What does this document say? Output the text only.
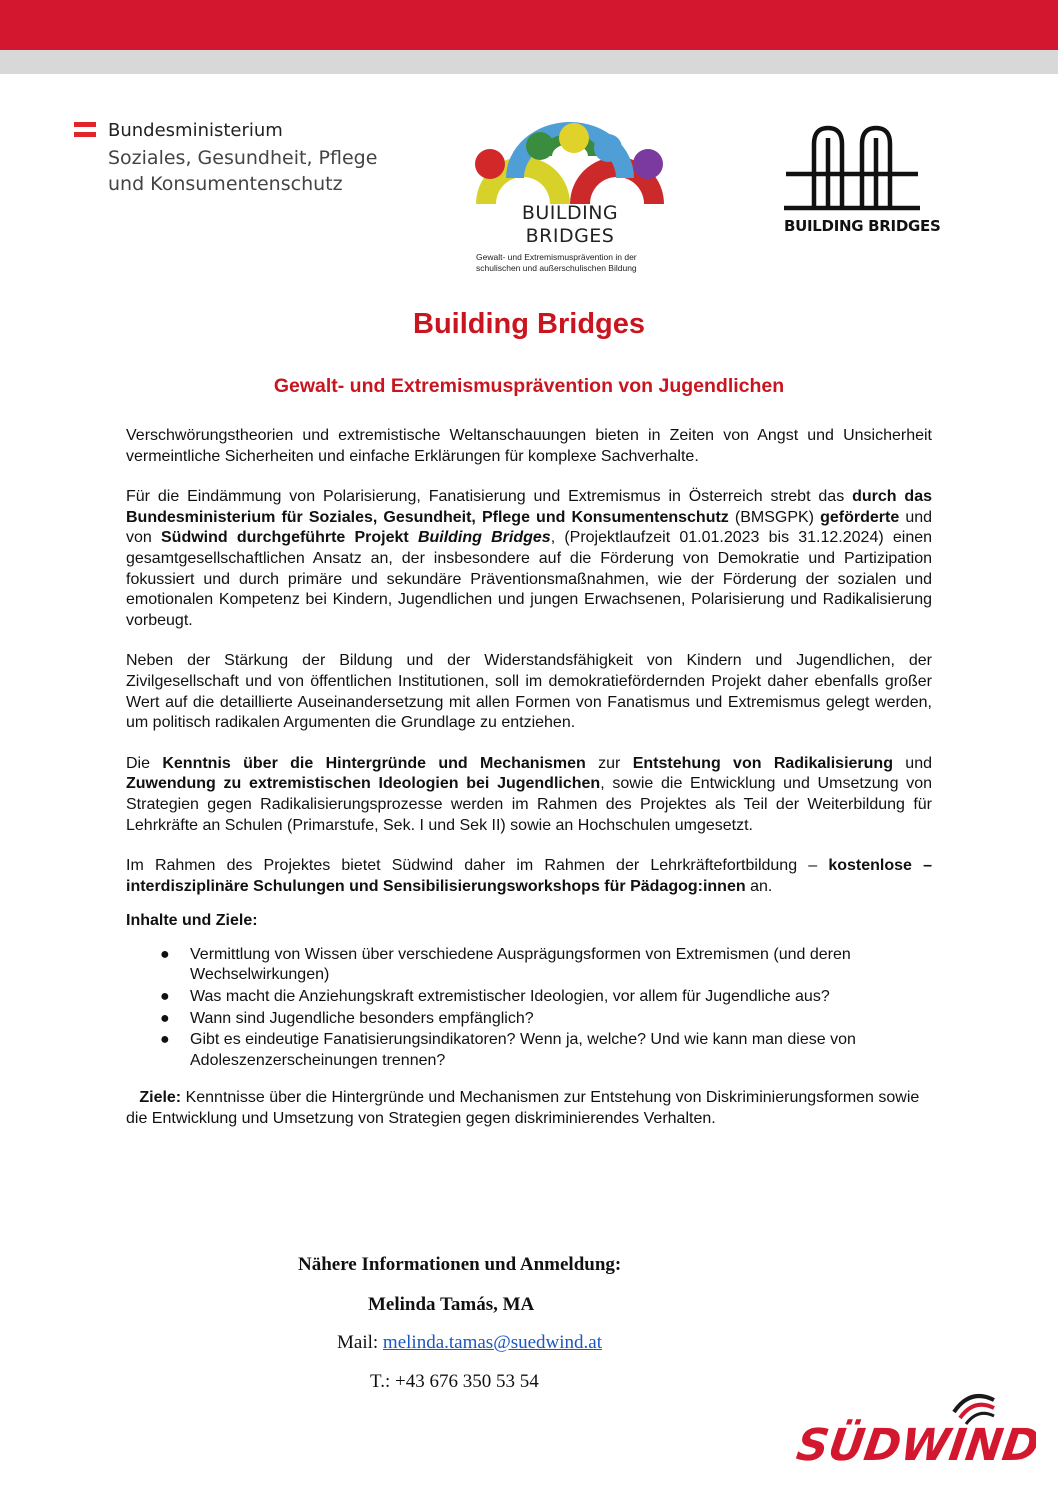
Bundesministerium
Soziales, Gesundheit, Pflege
und Konsumentenschutz
BUILDING
BRIDGES
Gewalt- und Extremismusprävention in der
schulischen und außerschulischen Bildung
BUILDING BRIDGES
Building Bridges
Gewalt- und Extremismusprävention von Jugendlichen

Verschwörungstheorien und extremistische Weltanschauungen bieten in Zeiten von Angst und Unsicherheit vermeintliche Sicherheiten und einfache Erklärungen für komplexe Sachverhalte.

Für die Eindämmung von Polarisierung, Fanatisierung und Extremismus in Österreich strebt das durch das Bundesministerium für Soziales, Gesundheit, Pflege und Konsumentenschutz (BMSGPK) geförderte und von Südwind durchgeführte Projekt Building Bridges, (Projektlaufzeit 01.01.2023 bis 31.12.2024) einen gesamtgesellschaftlichen Ansatz an, der insbesondere auf die Förderung von Demokratie und Partizipation fokussiert und durch primäre und sekundäre Präventionsmaßnahmen, wie der Förderung der sozialen und emotionalen Kompetenz bei Kindern, Jugendlichen und jungen Erwachsenen, Polarisierung und Radikalisierung vorbeugt.

Neben der Stärkung der Bildung und der Widerstandsfähigkeit von Kindern und Jugendlichen, der Zivilgesellschaft und von öffentlichen Institutionen, soll im demokratiefördernden Projekt daher ebenfalls großer Wert auf die detaillierte Auseinandersetzung mit allen Formen von Fanatismus und Extremismus gelegt werden, um politisch radikalen Argumenten die Grundlage zu entziehen.

Die Kenntnis über die Hintergründe und Mechanismen zur Entstehung von Radikalisierung und Zuwendung zu extremistischen Ideologien bei Jugendlichen, sowie die Entwicklung und Umsetzung von Strategien gegen Radikalisierungsprozesse werden im Rahmen des Projektes als Teil der Weiterbildung für Lehrkräfte an Schulen (Primarstufe, Sek. I und Sek II) sowie an Hochschulen umgesetzt.

Im Rahmen des Projektes bietet Südwind daher im Rahmen der Lehrkräftefortbildung – kostenlose – interdisziplinäre Schulungen und Sensibilisierungsworkshops für Pädagog:innen an.

Inhalte und Ziele:
● Vermittlung von Wissen über verschiedene Ausprägungsformen von Extremismen (und deren Wechselwirkungen)
● Was macht die Anziehungskraft extremistischer Ideologien, vor allem für Jugendliche aus?
● Wann sind Jugendliche besonders empfänglich?
● Gibt es eindeutige Fanatisierungsindikatoren? Wenn ja, welche? Und wie kann man diese von Adoleszenzerscheinungen trennen?

Ziele: Kenntnisse über die Hintergründe und Mechanismen zur Entstehung von Diskriminierungsformen sowie die Entwicklung und Umsetzung von Strategien gegen diskriminierendes Verhalten.

Nähere Informationen und Anmeldung:
Melinda Tamás, MA
Mail: melinda.tamas@suedwind.at
T.: +43 676 350 53 54
SÜDWIND
